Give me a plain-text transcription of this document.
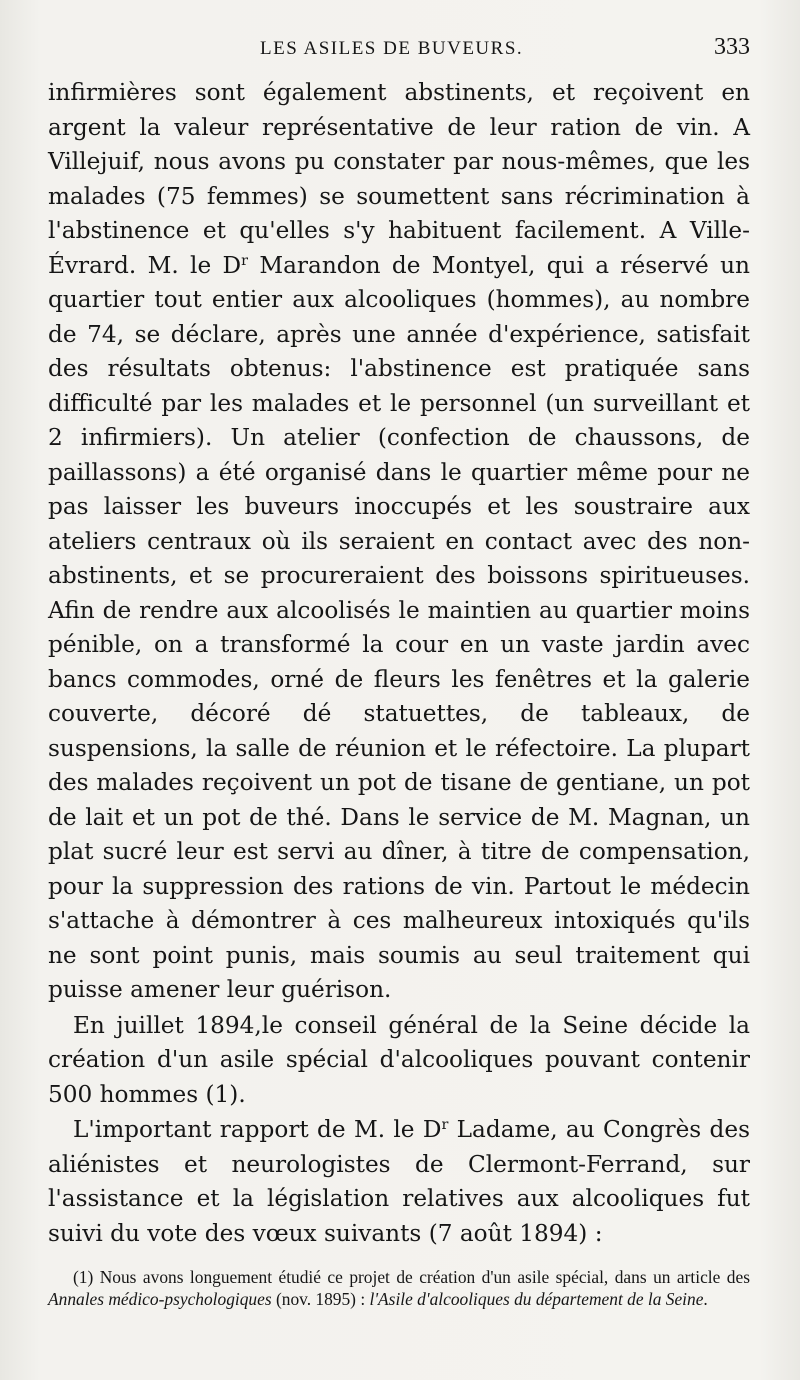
LES ASILES DE BUVEURS.	333

infirmières sont également abstinents, et reçoivent en argent la valeur représentative de leur ration de vin. A Villejuif, nous avons pu constater par nous-mêmes, que les malades (75 femmes) se soumettent sans récrimination à l'abstinence et qu'elles s'y habituent facilement. A Ville-Évrard. M. le $D^r$ Marandon de Montyel, qui a réservé un quartier tout entier aux alcooliques (hommes), au nombre de 74, se déclare, après une année d'expérience, satisfait des résultats obtenus: l'abstinence est pratiquée sans difficulté par les malades et le personnel (un surveillant et 2 infirmiers). Un atelier (confection de chaussons, de paillassons) a été organisé dans le quartier même pour ne pas laisser les buveurs inoccupés et les soustraire aux ateliers centraux où ils seraient en contact avec des non-abstinents, et se procureraient des boissons spiritueuses. Afin de rendre aux alcoolisés le maintien au quartier moins pénible, on a transformé la cour en un vaste jardin avec bancs commodes, orné de fleurs les fenêtres et la galerie couverte, décoré dé statuettes, de tableaux, de suspensions, la salle de réunion et le réfectoire. La plupart des malades reçoivent un pot de tisane de gentiane, un pot de lait et un pot de thé. Dans le service de M. Magnan, un plat sucré leur est servi au dîner, à titre de compensation, pour la suppression des rations de vin. Partout le médecin s'attache à démontrer à ces malheureux intoxiqués qu'ils ne sont point punis, mais soumis au seul traitement qui puisse amener leur guérison.

En juillet 1894,le conseil général de la Seine décide la création d'un asile spécial d'alcooliques pouvant contenir 500 hommes (1).

L'important rapport de M. le $D^r$ Ladame, au Congrès des aliénistes et neurologistes de Clermont-Ferrand, sur l'assistance et la législation relatives aux alcooliques fut suivi du vote des vœux suivants (7 août 1894) :

(1) Nous avons longuement étudié ce projet de création d'un asile spécial, dans un article des Annales médico-psychologiques (nov. 1895) : l'Asile d'alcooliques du département de la Seine.
